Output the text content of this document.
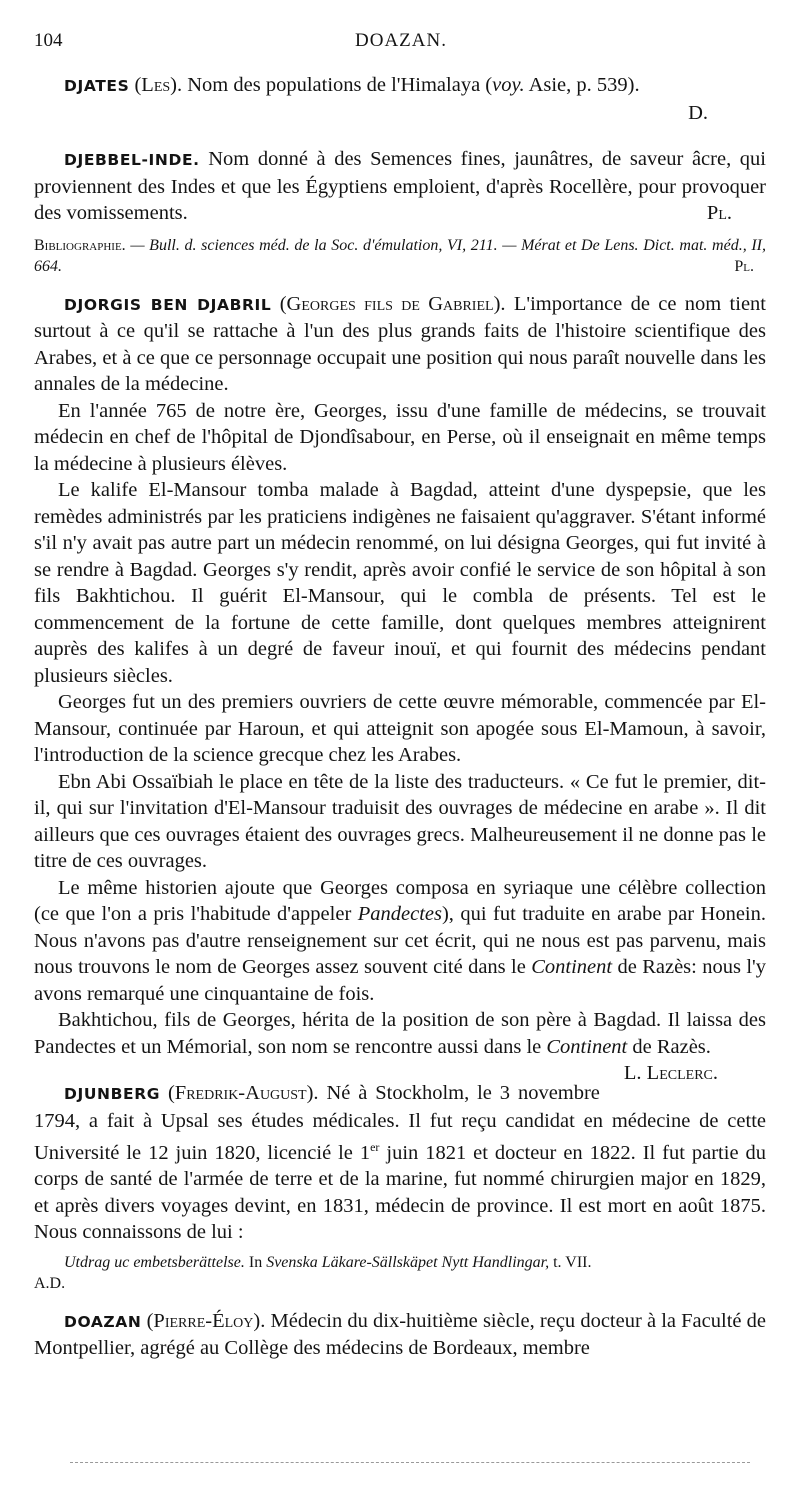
104	DOAZAN.

DJATES (Les). Nom des populations de l'Himalaya (voy. Asie, p. 539).

D.

DJEBBEL-INDE. Nom donné à des Semences fines, jaunâtres, de saveur âcre, qui proviennent des Indes et que les Égyptiens emploient, d'après Rocellère, pour provoquer des vomissements.	Pl.

Bibliographie. — Bull. d. sciences méd. de la Soc. d'émulation, VI, 211. — Mérat et De Lens. Dict. mat. méd., II, 664.	Pl.

DJORGIS BEN DJABRIL (Georges fils de Gabriel). L'importance de ce nom tient surtout à ce qu'il se rattache à l'un des plus grands faits de l'histoire scientifique des Arabes, et à ce que ce personnage occupait une position qui nous paraît nouvelle dans les annales de la médecine.

En l'année 765 de notre ère, Georges, issu d'une famille de médecins, se trouvait médecin en chef de l'hôpital de Djondîsabour, en Perse, où il enseignait en même temps la médecine à plusieurs élèves.

Le kalife El-Mansour tomba malade à Bagdad, atteint d'une dyspepsie, que les remèdes administrés par les praticiens indigènes ne faisaient qu'aggraver. S'étant informé s'il n'y avait pas autre part un médecin renommé, on lui désigna Georges, qui fut invité à se rendre à Bagdad. Georges s'y rendit, après avoir confié le service de son hôpital à son fils Bakhtichou. Il guérit El-Mansour, qui le combla de présents. Tel est le commencement de la fortune de cette famille, dont quelques membres atteignirent auprès des kalifes à un degré de faveur inouï, et qui fournit des médecins pendant plusieurs siècles.

Georges fut un des premiers ouvriers de cette œuvre mémorable, commencée par El-Mansour, continuée par Haroun, et qui atteignit son apogée sous El-Mamoun, à savoir, l'introduction de la science grecque chez les Arabes.

Ebn Abi Ossaïbiah le place en tête de la liste des traducteurs. « Ce fut le premier, dit-il, qui sur l'invitation d'El-Mansour traduisit des ouvrages de médecine en arabe ». Il dit ailleurs que ces ouvrages étaient des ouvrages grecs. Malheureusement il ne donne pas le titre de ces ouvrages.

Le même historien ajoute que Georges composa en syriaque une célèbre collection (ce que l'on a pris l'habitude d'appeler Pandectes), qui fut traduite en arabe par Honein. Nous n'avons pas d'autre renseignement sur cet écrit, qui ne nous est pas parvenu, mais nous trouvons le nom de Georges assez souvent cité dans le Continent de Razès: nous l'y avons remarqué une cinquantaine de fois.

Bakhtichou, fils de Georges, hérita de la position de son père à Bagdad. Il laissa des Pandectes et un Mémorial, son nom se rencontre aussi dans le Continent de Razès.
L. Leclerc.

DJUNBERG (Fredrik-August). Né à Stockholm, le 3 novembre 1794, a fait à Upsal ses études médicales. Il fut reçu candidat en médecine de cette Université le 12 juin 1820, licencié le 1er juin 1821 et docteur en 1822. Il fut partie du corps de santé de l'armée de terre et de la marine, fut nommé chirurgien major en 1829, et après divers voyages devint, en 1831, médecin de province. Il est mort en août 1875. Nous connaissons de lui :

Utdrag uc embetsberättelse. In Svenska Läkare-Sällskäpet Nytt Handlingar, t. VII.

A.D.

DOAZAN (Pierre-Éloy). Médecin du dix-huitième siècle, reçu docteur à la Faculté de Montpellier, agrégé au Collège des médecins de Bordeaux, membre
